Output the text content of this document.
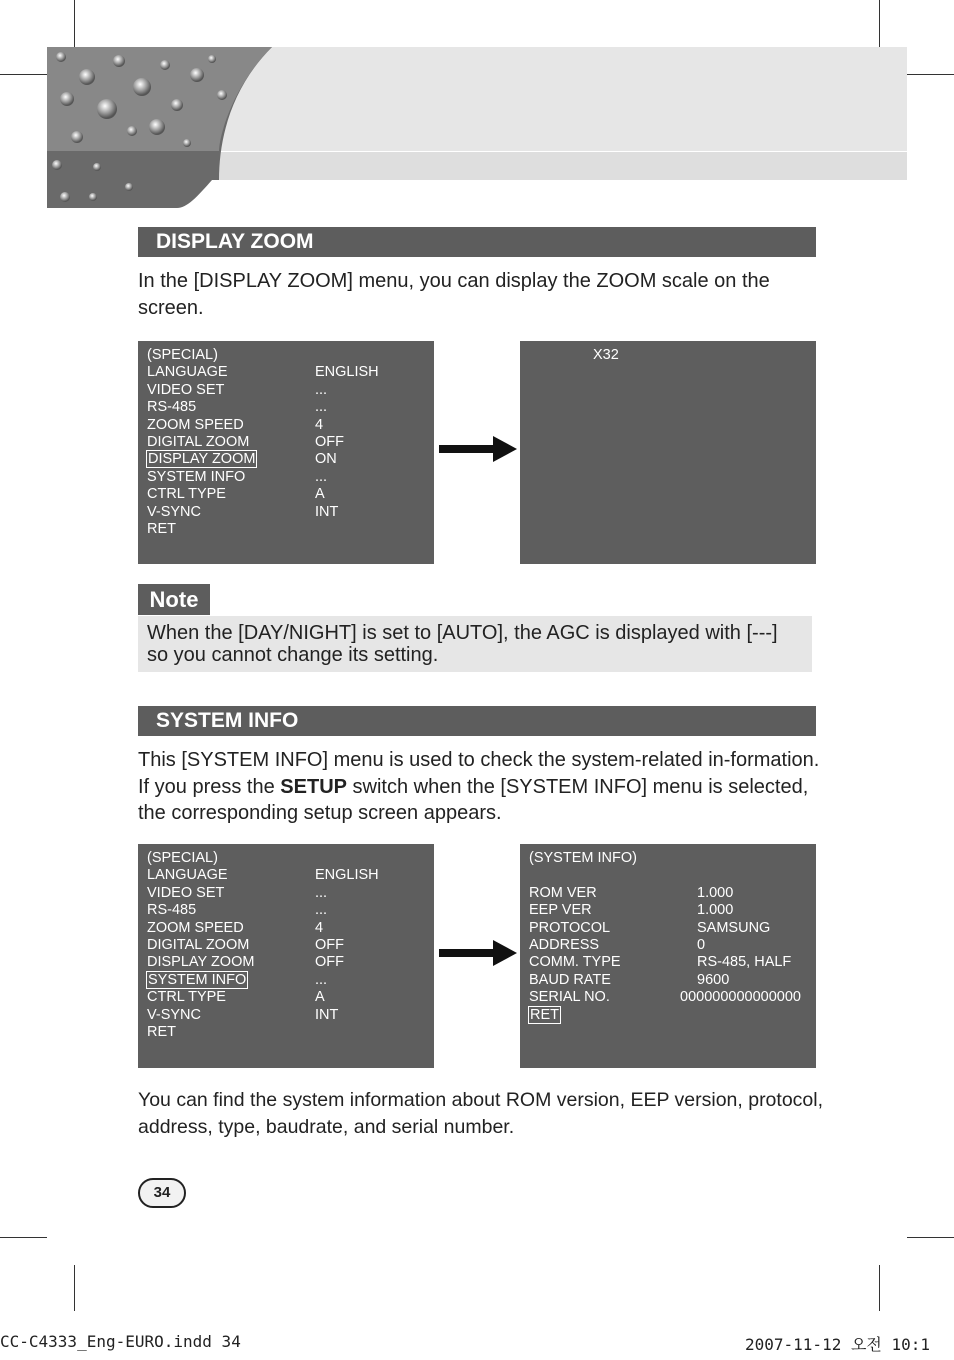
DISPLAY ZOOM
In the [DISPLAY ZOOM] menu, you can display the ZOOM scale on the screen.
(SPECIAL)
LANGUAGE	ENGLISH
VIDEO SET	...
RS-485	...
ZOOM SPEED	4
DIGITAL ZOOM	OFF
DISPLAY ZOOM	ON
SYSTEM INFO	...
CTRL TYPE	A
V-SYNC	INT
RET
X32
Note
When the [DAY/NIGHT] is set to [AUTO], the AGC is displayed with [---] so you cannot change its setting.
SYSTEM INFO
This [SYSTEM INFO] menu is used to check the system-related in-formation. If you press the SETUP switch when the [SYSTEM INFO] menu is selected, the corresponding setup screen appears.
(SPECIAL)
LANGUAGE	ENGLISH
VIDEO SET	...
RS-485	...
ZOOM SPEED	4
DIGITAL ZOOM	OFF
DISPLAY ZOOM	OFF
SYSTEM INFO	...
CTRL TYPE	A
V-SYNC	INT
RET
(SYSTEM INFO)
ROM VER	1.000
EEP VER	1.000
PROTOCOL	SAMSUNG
ADDRESS	0
COMM. TYPE	RS-485, HALF
BAUD RATE	9600
SERIAL NO.	000000000000000
RET
You can find the system information about ROM version, EEP version, protocol, address, type, baudrate, and serial number.
34
CC-C4333_Eng-EURO.indd 34	2007-11-12 오전 10:1
